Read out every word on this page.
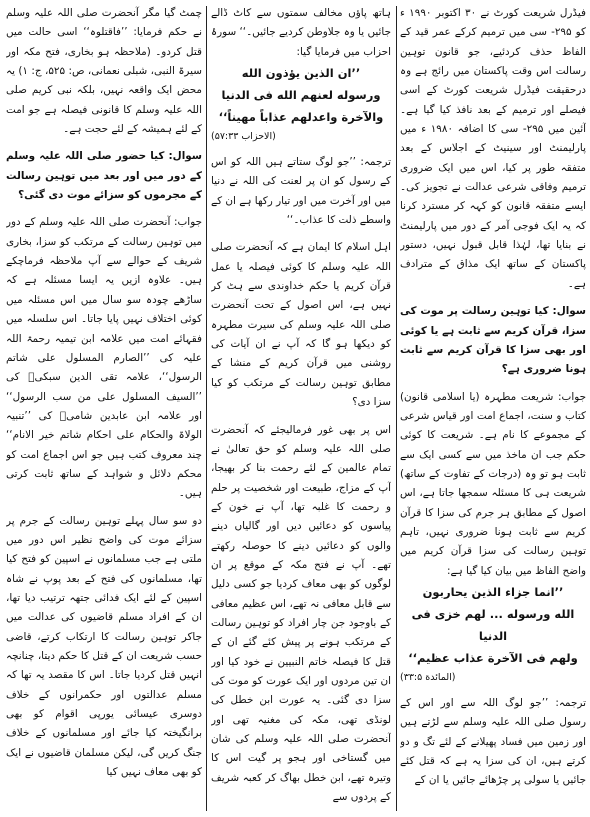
فیڈرل شریعت کورٹ نے ۳۰ اکتوبر ۱۹۹۰ ء کو ۲۹۵- سی میں ترمیم کرکے عمر قید کے الفاظ حذف کردئیے، جو قانون توہین رسالت اس وقت پاکستان میں رائج ہے وہ درحقیقت فیڈرل شریعت کورٹ کے اسی فیصلے اور ترمیم کے بعد نافذ کیا گیا ہے۔ آئین میں ۲۹۵- سی کا اضافہ ۱۹۸۰ ء میں پارلیمنٹ اور سینیٹ کے اجلاس کے بعد متفقہ طور پر کیا، اس میں ایک ضروری ترمیم وفاقی شرعی عدالت نے تجویز کی۔ ایسے متفقہ قانون کو کہہ کر مسترد کرنا کہ یہ ایک فوجی آمر کے دور میں پارلیمنٹ نے بنایا تھا، لہٰذا قابل قبول نہیں، دستور پاکستان کے ساتھ ایک مذاق کے مترادف ہے۔

سوال: کیا توہین رسالت پر موت کی سزا، قرآن کریم سے ثابت ہے یا کوئی اور بھی سزا کا قرآن کریم سے ثابت ہونا ضروری ہے؟

جواب: شریعت مطہرہ (یا اسلامی قانون) کتاب و سنت، اجماع امت اور قیاس شرعی کے مجموعے کا نام ہے۔ شریعت کا کوئی حکم جب ان ماخذ میں سے کسی ایک سے ثابت ہو تو وہ (درجات کے تفاوت کے ساتھ) شریعت ہی کا مسئلہ سمجھا جاتا ہے، اس اصول کے مطابق ہر جرم کی سزا کا قرآن کریم سے ثابت ہونا ضروری نہیں، تاہم توہین رسالت کی سزا قرآن کریم میں واضح الفاظ میں بیان کیا گیا ہے:

’’انما جزاء الذين يحاربون

الله ورسوله ... لهم خزى فى الدنيا

ولهم فى الآخرة عذاب عظيم‘‘

(المائدة ۳۳:۵)

ترجمہ: ’’جو لوگ اللہ سے اور اس کے رسول صلی اللہ علیہ وسلم سے لڑتے ہیں اور زمین میں فساد پھیلانے کے لئے تگ و دو کرتے ہیں، ان کی سزا یہ ہے کہ قتل کئے جائیں یا سولی پر چڑھائے جائیں یا ان کے

ہاتھ پاؤں مخالف سمتوں سے کاٹ ڈالے جائیں یا وہ جلاوطن کردیے جائیں۔‘‘ سورۂ احزاب میں فرمایا گیا:

’’ان الذين يؤذون الله

ورسوله لعنهم الله فى الدنيا

والآخرة واعدلهم عذاباً مهيناً‘‘

(الاحزاب ۵۷:۳۳)

ترجمہ: ’’جو لوگ ستاتے ہیں اللہ کو اس کے رسول کو ان پر لعنت کی اللہ نے دنیا میں اور آخرت میں اور تیار رکھا ہے ان کے واسطے ذلت کا عذاب۔‘‘

اہل اسلام کا ایمان ہے کہ آنحضرت صلی اللہ علیہ وسلم کا کوئی فیصلہ یا عمل قرآن کریم یا حکم خداوندی سے ہٹ کر نہیں ہے، اس اصول کے تحت آنحضرت صلی اللہ علیہ وسلم کی سیرت مطہرہ کو دیکھا ہو گا کہ آپ نے ان آیات کی روشنی میں قرآن کریم کے منشا کے مطابق توہین رسالت کے مرتکب کو کیا سزا دی؟

اس پر بھی غور فرمالیجئے کہ آنحضرت صلی اللہ علیہ وسلم کو حق تعالیٰ نے تمام عالمین کے لئے رحمت بنا کر بھیجا، آپ کے مزاج، طبیعت اور شخصیت پر حلم و رحمت کا غلبہ تھا، آپ نے خون کے پیاسوں کو دعائیں دیں اور گالیاں دینے والوں کو دعائیں دینے کا حوصلہ رکھتے تھے۔ آپ نے فتح مکہ کے موقع پر ان لوگوں کو بھی معاف کردیا جو کسی دلیل سے قابل معافی نہ تھے، اس عظیم معافی کے باوجود جن چار افراد کو توہین رسالت کے مرتکب ہونے پر پیش کئے گئے ان کے قتل کا فیصلہ خاتم النبیین نے خود کیا اور ان تین مردوں اور ایک عورت کو موت کی سزا دی گئی۔ یہ عورت ابن خطل کی لونڈی تھی، مکہ کی مغنیہ تھی اور آنحضرت صلی اللہ علیہ وسلم کی شان میں گستاخی اور ہجو پر گیت اس کا وتیرہ تھے، ابن خطل بھاگ کر کعبہ شریف کے پردوں سے

چمٹ گیا مگر آنحضرت صلی اللہ علیہ وسلم نے حکم فرمایا: ’’فاقتلوہ‘‘ اسی حالت میں قتل کردو۔ (ملاحظہ ہو بخاری، فتح مکہ اور سیرۃ النبی، شبلی نعمانی، ص: ۵۲۵، ج: ۱) یہ محض ایک واقعہ نہیں، بلکہ نبی کریم صلی اللہ علیہ وسلم کا قانونی فیصلہ ہے جو امت کے لئے ہمیشہ کے لئے حجت ہے۔

سوال: کیا حضور صلی اللہ علیہ وسلم کے دور میں اور بعد میں توہین رسالت کے مجرموں کو سزائے موت دی گئی؟

جواب: آنحضرت صلی اللہ علیہ وسلم کے دور میں توہین رسالت کے مرتکب کو سزا، بخاری شریف کے حوالے سے آپ ملاحظہ فرماچکے ہیں۔ علاوہ ازیں یہ ایسا مسئلہ ہے کہ ساڑھے چودہ سو سال میں اس مسئلہ میں کوئی اختلاف نہیں پایا جاتا۔ اس سلسلہ میں فقہائے امت میں علامہ ابن تیمیہ رحمۃ اللہ علیہ کی ’’الصارم المسلول علی شاتم الرسول‘‘، علامہ تقی الدین سبکیؒ کی ’’السیف المسلول علی من سب الرسول‘‘ اور علامہ ابن عابدین شامیؒ کی ’’تنبیہ الولاۃ والحکام علی احکام شاتم خیر الانام‘‘ چند معروف کتب ہیں جو اس اجماع امت کو محکم دلائل و شواہد کے ساتھ ثابت کرتی ہیں۔

دو سو سال پہلے توہین رسالت کے جرم پر سزائے موت کی واضح نظیر اس دور میں ملتی ہے جب مسلمانوں نے اسپین کو فتح کیا تھا، مسلمانوں کی فتح کے بعد پوپ نے شاہ اسپین کے لئے ایک فدائی جتھہ ترتیب دیا تھا، ان کے افراد مسلم قاضیوں کی عدالت میں جاکر توہین رسالت کا ارتکاب کرتے، قاضی حسب شریعت ان کے قتل کا حکم دیتا، چنانچہ انہیں قتل کردیا جاتا۔ اس کا مقصد یہ تھا کہ مسلم عدالتوں اور حکمرانوں کے خلاف دوسری عیسائی یورپی اقوام کو بھی برانگیختہ کیا جائے اور مسلمانوں کے خلاف جنگ کریں گی، لیکن مسلمان قاضیوں نے ایک کو بھی معاف نہیں کیا
